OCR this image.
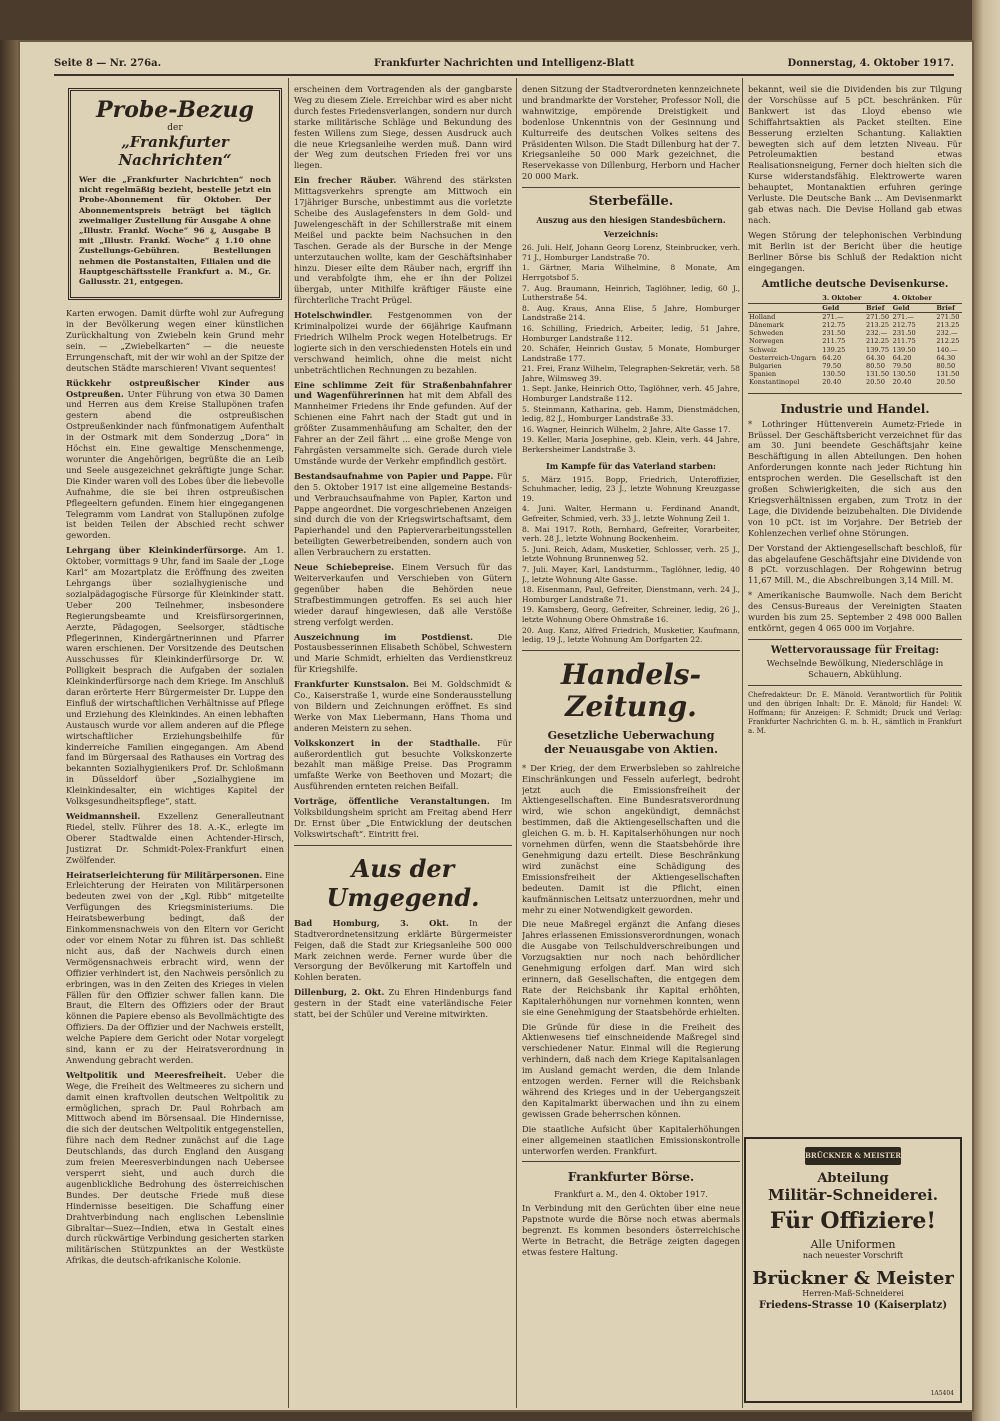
Seite 8 — Nr. 276a.	Frankfurter Nachrichten und Intelligenz-Blatt	Donnerstag, 4. Oktober 1917.
Probe-Bezug
der
„Frankfurter Nachrichten“

Wer die „Frankfurter Nachrichten“ noch nicht regelmäßig bezieht, bestelle jetzt ein Probe-Abonnement für Oktober. Der Abonnementspreis beträgt bei täglich zweimaliger Zustellung für Ausgabe A ohne „Illustr. Frankf. Woche“ 96 ₰, Ausgabe B mit „Illustr. Frankf. Woche“ ₰ 1.10 ohne Zustellungs-Gebühren. Bestellungen nehmen die Postanstalten, Filialen und die Hauptgeschäftsstelle Frankfurt a. M., Gr. Gallusstr. 21, entgegen.

Karten erwogen. Damit dürfte wohl zur Aufregung in der Bevölkerung wegen einer künstlichen Zurückhaltung von Zwiebeln kein Grund mehr sein. — „Zwiebelkarten“ — die neueste Errungenschaft, mit der wir wohl an der Spitze der deutschen Städte marschieren! Vivant sequentes!

Rückkehr ostpreußischer Kinder aus Ostpreußen. Unter Führung von etwa 30 Damen und Herren aus dem Kreise Stallupönen trafen gestern abend die ostpreußischen Ostpreußenkinder nach fünfmonatigem Aufenthalt in der Ostmark mit dem Sonderzug „Dora“ in Höchst ein. Eine gewaltige Menschenmenge, worunter die Angehörigen, begrüßte die an Leib und Seele ausgezeichnet gekräftigte junge Schar. Die Kinder waren voll des Lobes über die liebevolle Aufnahme, die sie bei ihren ostpreußischen Pflegeeltern gefunden. Einem hier eingegangenen Telegramm vom Landrat von Stallupönen zufolge ist beiden Teilen der Abschied recht schwer geworden.

Lehrgang über Kleinkinderfürsorge. Am 1. Oktober, vormittags 9 Uhr, fand im Saale der „Loge Karl“ am Mozartplatz die Eröffnung des zweiten Lehrgangs über sozialhygienische und sozialpädagogische Fürsorge für Kleinkinder statt. Ueber 200 Teilnehmer, insbesondere Regierungsbeamte und Kreisfürsorgerinnen, Aerzte, Pädagogen, Seelsorger, städtische Pflegerinnen, Kindergärtnerinnen und Pfarrer waren erschienen. Der Vorsitzende des Deutschen Ausschusses für Kleinkinderfürsorge Dr. W. Polligkeit besprach die Aufgaben der sozialen Kleinkinderfürsorge nach dem Kriege. Im Anschluß daran erörterte Herr Bürgermeister Dr. Luppe den Einfluß der wirtschaftlichen Verhältnisse auf Pflege und Erziehung des Kleinkindes. An einen lebhaften Austausch wurde vor allem anderen auf die Pflege wirtschaftlicher Erziehungsbeihilfe für kinderreiche Familien eingegangen. Am Abend fand im Bürgersaal des Rathauses ein Vortrag des bekannten Sozialhygienikers Prof. Dr. Schloßmann in Düsseldorf über „Sozialhygiene im Kleinkindesalter, ein wichtiges Kapitel der Volksgesundheitspflege“, statt.

Weidmannsheil. Exzellenz Generalleutnant Riedel, stellv. Führer des 18. A.-K., erlegte im Oberer Stadtwalde einen Achtender-Hirsch, Justizrat Dr. Schmidt-Polex-Frankfurt einen Zwölfender.

Heiratserleichterung für Militärpersonen. Eine Erleichterung der Heiraten von Militärpersonen bedeuten zwei von der „Kgl. Ribb“ mitgeteilte Verfügungen des Kriegsministeriums. Die Heiratsbewerbung bedingt, daß der Einkommensnachweis von den Eltern vor Gericht oder vor einem Notar zu führen ist. Das schließt nicht aus, daß der Nachweis durch einen Vermögensnachweis erbracht wird, wenn der Offizier verhindert ist, den Nachweis persönlich zu erbringen, was in den Zeiten des Krieges in vielen Fällen für den Offizier schwer fallen kann. Die Braut, die Eltern des Offiziers oder der Braut können die Papiere ebenso als Bevollmächtigte des Offiziers. Da der Offizier und der Nachweis erstellt, welche Papiere dem Gericht oder Notar vorgelegt sind, kann er zu der Heiratsverordnung in Anwendung gebracht werden.

Weltpolitik und Meeresfreiheit. Ueber die Wege, die Freiheit des Weltmeeres zu sichern und damit einen kraftvollen deutschen Weltpolitik zu ermöglichen, sprach Dr. Paul Rohrbach am Mittwoch abend im Börsensaal. Die Hindernisse, die sich der deutschen Weltpolitik entgegenstellen, führe nach dem Redner zunächst auf die Lage Deutschlands, das durch England den Ausgang zum freien Meeresverbindungen nach Uebersee versperrt sieht, und auch durch die augenblickliche Bedrohung des österreichischen Bundes. Der deutsche Friede muß diese Hindernisse beseitigen. Die Schaffung einer Drahtverbindung nach englischen Lebenslinie Gibraltar—Suez—Indien, etwa in Gestalt eines durch rückwärtige Verbindung gesicherten starken militärischen Stützpunktes an der Westküste Afrikas, die deutsch-afrikanische Kolonie.

erscheinen dem Vortragenden als der gangbarste Weg zu diesem Ziele. Erreichbar wird es aber nicht durch festes Friedensverlangen, sondern nur durch starke militärische Schläge und Bekundung des festen Willens zum Siege, dessen Ausdruck auch die neue Kriegsanleihe werden muß. Dann wird der Weg zum deutschen Frieden frei vor uns liegen.

Ein frecher Räuber. Während des stärksten Mittagsverkehrs sprengte am Mittwoch ein 17jähriger Bursche, unbestimmt aus die vorletzte Scheibe des Auslagefensters in dem Gold- und Juwelengeschäft in der Schillerstraße mit einem Meißel und packte beim Nachsuchen in den Taschen. Gerade als der Bursche in der Menge unterzutauchen wollte, kam der Geschäftsinhaber hinzu. Dieser eilte dem Räuber nach, ergriff ihn und verabfolgte ihm, ehe er ihn der Polizei übergab, unter Mithilfe kräftiger Fäuste eine fürchterliche Tracht Prügel.

Hotelschwindler. Festgenommen von der Kriminalpolizei wurde der 66jährige Kaufmann Friedrich Wilhelm Prock wegen Hotelbetrugs. Er logierte sich in den verschiedensten Hotels ein und verschwand heimlich, ohne die meist nicht unbeträchtlichen Rechnungen zu bezahlen.

Eine schlimme Zeit für Straßenbahnfahrer und Wagenführerinnen hat mit dem Abfall des Mannheimer Friedens ihr Ende gefunden. Auf der Schienen eine Fahrt nach der Stadt gut und in größter Zusammenhäufung am Schalter, den der Fahrer an der Zeil fährt ... eine große Menge von Fahrgästen versammelte sich. Gerade durch viele Umstände wurde der Verkehr empfindlich gestört.

Bestandsaufnahme von Papier und Pappe. Für den 5. Oktober 1917 ist eine allgemeine Bestands- und Verbrauchsaufnahme von Papier, Karton und Pappe angeordnet. Die vorgeschriebenen Anzeigen sind durch die von der Kriegswirtschaftsamt, dem Papierhandel und den Papierverarbeitungsstellen beteiligten Gewerbetreibenden, sondern auch von allen Verbrauchern zu erstatten.

Neue Schiebepreise. Einem Versuch für das Weiterverkaufen und Verschieben von Gütern gegenüber haben die Behörden neue Strafbestimmungen getroffen. Es sei auch hier wieder darauf hingewiesen, daß alle Verstöße streng verfolgt werden.

Auszeichnung im Postdienst.	Die Postausbesserinnen Elisabeth Schöbel, Schwestern und Marie Schmidt, erhielten das Verdienstkreuz für Kriegshilfe.

Frankfurter Kunstsalon. Bei M. Goldschmidt & Co., Kaiserstraße 1, wurde eine Sonderausstellung von Bildern und Zeichnungen eröffnet. Es sind Werke von Max Liebermann, Hans Thoma und anderen Meistern zu sehen.

Volkskonzert in der Stadthalle. Für außerordentlich gut besuchte Volkskonzerte bezahlt man mäßige Preise. Das Programm umfaßte Werke von Beethoven und Mozart; die Ausführenden ernteten reichen Beifall.

Vorträge, öffentliche Veranstaltungen. Im Volksbildungsheim spricht am Freitag abend Herr Dr. Ernst über „Die Entwicklung der deutschen Volkswirtschaft“. Eintritt frei.

Aus der Umgegend.

Bad Homburg, 3. Okt. In der Stadtverordnetensitzung erklärte Bürgermeister Feigen, daß die Stadt zur Kriegsanleihe 500 000 Mark zeichnen werde. Ferner wurde über die Versorgung der Bevölkerung mit Kartoffeln und Kohlen beraten.

Dillenburg, 2. Okt. Zu Ehren Hindenburgs fand gestern in der Stadt eine vaterländische Feier statt, bei der Schüler und Vereine mitwirkten.

denen Sitzung der Stadtverordneten kennzeichnete und brandmarkte der Vorsteher, Professor Noll, die wahnwitzige, empörende Dreistigkeit und bodenlose Unkenntnis von der Gesinnung und Kulturreife des deutschen Volkes seitens des Präsidenten Wilson. Die Stadt Dillenburg hat der 7. Kriegsanleihe 50 000 Mark gezeichnet, die Reservekasse von Dillenburg, Herborn und Hacher 20 000 Mark.

Sterbefälle.
Auszug aus den hiesigen Standesbüchern.
Verzeichnis:

26. Juli. Helf, Johann Georg Lorenz, Steinbrucker, verh. 71 J., Homburger Landstraße 70.

1. Gärtner, Maria Wilhelmine, 8 Monate, Am Herrgotsbof 5.

7. Aug. Braumann, Heinrich, Taglöhner, ledig, 60 J., Lutherstraße 54.

8. Aug. Kraus, Anna Elise, 5 Jahre, Homburger Landstraße 214.

16. Schilling, Friedrich, Arbeiter, ledig, 51 Jahre, Homburger Landstraße 112.

20. Schäfer, Heinrich Gustav, 5 Monate, Homburger Landstraße 177.

21. Frei, Franz Wilhelm, Telegraphen-Sekretär, verh. 58 Jahre, Wilmsweg 39.

1. Sept. Janke, Heinrich Otto, Taglöhner, verh. 45 Jahre, Homburger Landstraße 112.

5. Steinmann, Katharina, geb. Hamm, Dienstmädchen, ledig, 82 J., Homburger Landstraße 33.

16. Wagner, Heinrich Wilhelm, 2 Jahre, Alte Gasse 17.

19. Keller, Maria Josephine, geb. Klein, verh. 44 Jahre, Berkersheimer Landstraße 3.

Im Kampfe für das Vaterland starben:

5. März 1915. Bopp, Friedrich, Unteroffizier, Schuhmacher, ledig, 23 J., letzte Wohnung Kreuzgasse 19.

4. Juni. Walter, Hermann u. Ferdinand Anandt, Gefreiter, Schmied, verh. 33 J., letzte Wohnung Zeil 1.

8. Mai 1917. Roth, Bernhard, Gefreiter, Vorarbeiter, verh. 28 J., letzte Wohnung Bockenheim.

5. Juni. Reich, Adam, Musketier, Schlosser, verh. 25 J., letzte Wohnung Brunnenweg 52.

7. Juli. Mayer, Karl, Landsturmm., Taglöhner, ledig, 40 J., letzte Wohnung Alte Gasse.

18. Eisenmann, Paul, Gefreiter, Dienstmann, verh. 24 J., Homburger Landstraße 71.

19. Kamsberg, Georg, Gefreiter, Schreiner, ledig, 26 J., letzte Wohnung Obere Ohmstraße 16.

20. Aug. Kanz, Alfred Friedrich, Musketier, Kaufmann, ledig, 19 J., letzte Wohnung Am Dorfgarten 22.

Handels-Zeitung.
Gesetzliche Ueberwachung
der Neuausgabe von Aktien.

* Der Krieg, der dem Erwerbsleben so zahlreiche Einschränkungen und Fesseln auferlegt, bedroht jetzt auch die Emissionsfreiheit der Aktiengesellschaften. Eine Bundesratsverordnung wird, wie schon angekündigt, demnächst bestimmen, daß die Aktiengesellschaften und die gleichen G. m. b. H. Kapitalserhöhungen nur noch vornehmen dürfen, wenn die Staatsbehörde ihre Genehmigung dazu erteilt. Diese Beschränkung wird zunächst eine Schädigung des Emissionsfreiheit der Aktiengesellschaften bedeuten. Damit ist die Pflicht, einen kaufmännischen Leitsatz unterzuordnen, mehr und mehr zu einer Notwendigkeit geworden.

Die neue Maßregel ergänzt die Anfang dieses Jahres erlassenen Emissionsverordnungen, wonach die Ausgabe von Teilschuldverschreibungen und Vorzugsaktien nur noch nach behördlicher Genehmigung erfolgen darf. Man wird sich erinnern, daß Gesellschaften, die entgegen dem Rate der Reichsbank ihr Kapital erhöhten, Kapitalerhöhungen nur vornehmen konnten, wenn sie eine Genehmigung der Staatsbehörde erhielten.

Die Gründe für diese in die Freiheit des Aktienwesens tief einschneidende Maßregel sind verschiedener Natur. Einmal will die Regierung verhindern, daß nach dem Kriege Kapitalsanlagen im Ausland gemacht werden, die dem Inlande entzogen werden. Ferner will die Reichsbank während des Krieges und in der Uebergangszeit den Kapitalmarkt überwachen und ihn zu einem gewissen Grade beherrschen können.

Die staatliche Aufsicht über Kapitalerhöhungen einer allgemeinen staatlichen Emissionskontrolle unterworfen werden. Frankfurt.

Frankfurter Börse.
Frankfurt a. M., den 4. Oktober 1917.

In Verbindung mit den Gerüchten über eine neue Papstnote wurde die Börse noch etwas abermals begrenzt. Es kommen besonders österreichische Werte in Betracht, die Beträge zeigten dagegen etwas festere Haltung.

bekannt, weil sie die Dividenden bis zur Tilgung der Vorschüsse auf 5 pCt. beschränken. Für Bankwert ist das Lloyd ebenso wie Schiffahrtsaktien als Packet steilten. Eine Besserung erzielten Schantung. Kaliaktien bewegten sich auf dem letzten Niveau. Für Petroleumaktien bestand etwas Realisationsneigung, Ferner doch hielten sich die Kurse widerstandsfähig. Elektrowerte waren behauptet, Montanaktien erfuhren geringe Verluste. Die Deutsche Bank ... Am Devisenmarkt gab etwas nach. Die Devise Holland gab etwas nach.

Wegen Störung der telephonischen Verbindung mit Berlin ist der Bericht über die heutige Berliner Börse bis Schluß der Redaktion nicht eingegangen.

Amtliche deutsche Devisenkurse.
	3. Oktober		4. Oktober	
	Geld	Brief	Geld	Brief
Holland	271.—	271.50	271.—	271.50
Dänemark	212.75	213.25	212.75	213.25
Schweden	231.50	232.—	231.50	232.—
Norwegen	211.75	212.25	211.75	212.25
Schweiz	139.25	139.75	139.50	140.—
Oesterreich-Ungarn	64.20	64.30	64.20	64.30
Bulgarien	79.50	80.50	79.50	80.50
Spanien	130.50	131.50	130.50	131.50
Konstantinopel	20.40	20.50	20.40	20.50
Industrie und Handel.

* Lothringer Hüttenverein Aumetz-Friede in Brüssel. Der Geschäftsbericht verzeichnet für das am 30. Juni beendete Geschäftsjahr keine Beschäftigung in allen Abteilungen. Den hohen Anforderungen konnte nach jeder Richtung hin entsprochen werden. Die Gesellschaft ist den großen Schwierigkeiten, die sich aus den Kriegsverhältnissen ergaben, zum Trotz in der Lage, die Dividende beizubehalten. Die Dividende von 10 pCt. ist im Vorjahre. Der Betrieb der Kohlenzechen verlief ohne Störungen.

Der Vorstand der Aktiengesellschaft beschloß, für das abgelaufene Geschäftsjahr eine Dividende von 8 pCt. vorzuschlagen. Der Rohgewinn betrug 11,67 Mill. M., die Abschreibungen 3,14 Mill. M.

* Amerikanische Baumwolle. Nach dem Bericht des Census-Bureaus der Vereinigten Staaten wurden bis zum 25. September 2 498 000 Ballen entkörnt, gegen 4 065 000 im Vorjahre.

Wettervoraussage für Freitag:

Wechselnde Bewölkung, Niederschläge in Schauern, Abkühlung.

Chefredakteur: Dr. E. Mänold. Verantwortlich für Politik und den übrigen Inhalt: Dr. E. Mänold; für Handel: W. Hoffmann; für Anzeigen: F. Schmidt; Druck und Verlag: Frankfurter Nachrichten G. m. b. H., sämtlich in Frankfurt a. M.

BRÜCKNER & MEISTER
Abteilung
Militär-Schneiderei.
Für Offiziere!
Alle Uniformen
nach neuester Vorschrift
Brückner & Meister
Herren-Maß-Schneiderei
Friedens-Strasse 10 (Kaiserplatz)
1A5404
